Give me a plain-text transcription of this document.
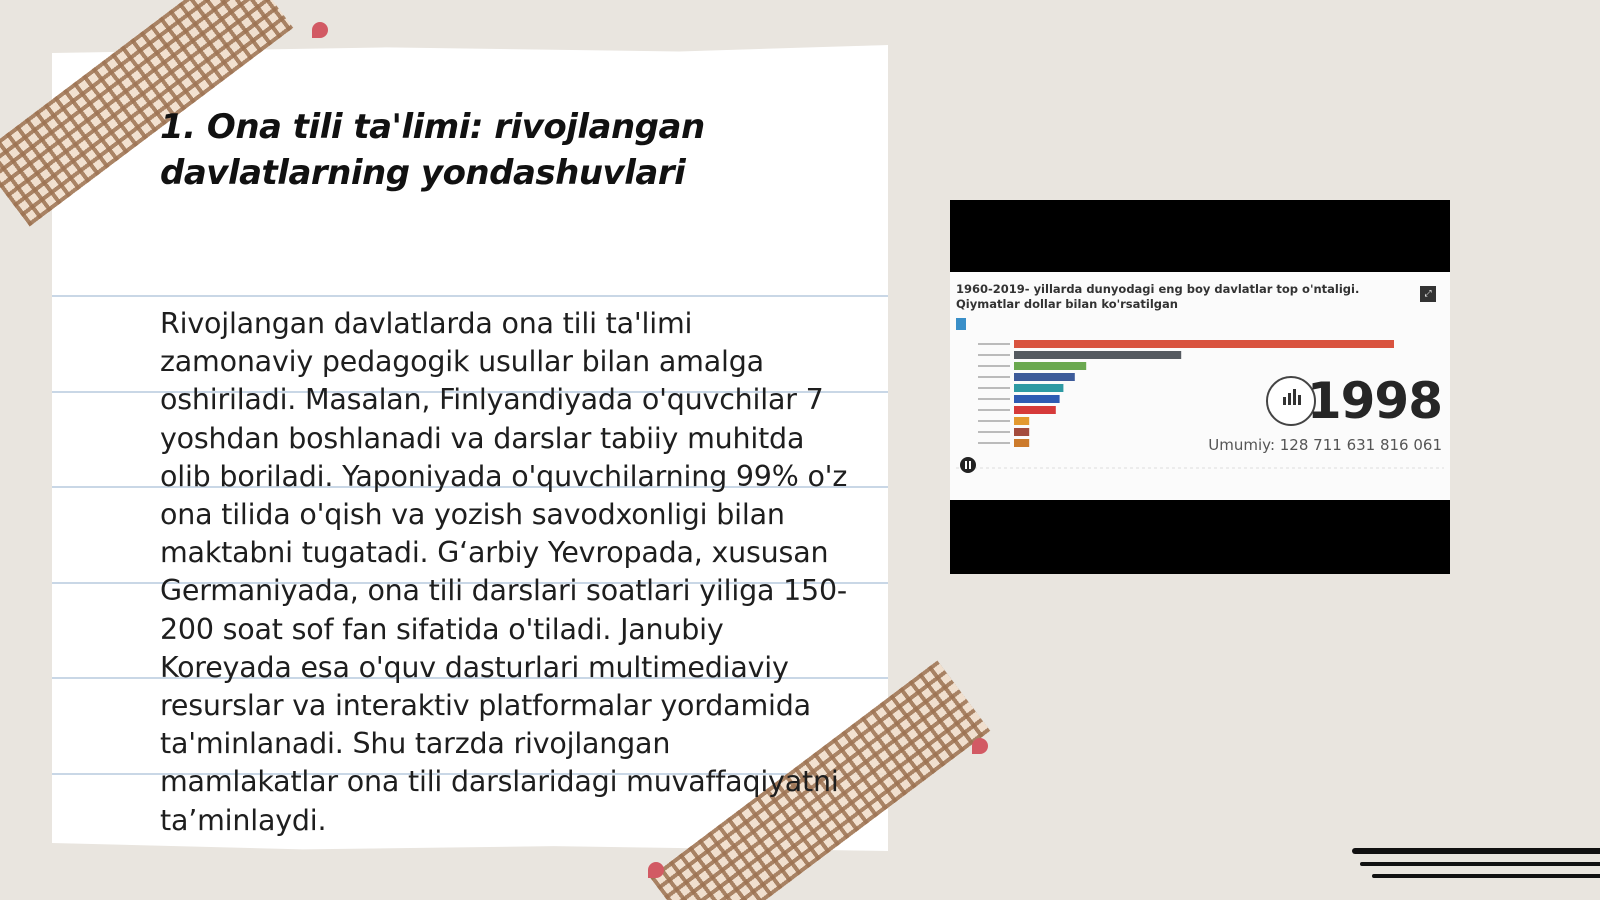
1. Ona tili ta'limi: rivojlangan davlatlarning yondashuvlari

Rivojlangan davlatlarda ona tili ta'limi zamonaviy pedagogik usullar bilan amalga oshiriladi. Masalan, Finlyandiyada o'quvchilar 7 yoshdan boshlanadi va darslar tabiiy muhitda olib boriladi. Yaponiyada o'quvchilarning 99% o'z ona tilida o'qish va yozish savodxonligi bilan maktabni tugatadi. G‘arbiy Yevropada, xususan Germaniyada, ona tili darslari soatlari yiliga 150-200 soat sof fan sifatida o'tiladi. Janubiy Koreyada esa o'quv dasturlari multimediaviy resurslar va interaktiv platformalar yordamida ta'minlanadi. Shu tarzda rivojlangan mamlakatlar ona tili darslaridagi muvaffaqiyatni ta’minlaydi.

1960-2019- yillarda dunyodagi eng boy davlatlar top o'ntaligi. Qiymatlar dollar bilan ko'rsatilgan
⤢
1998
Umumiy: 128 711 631 816 061
